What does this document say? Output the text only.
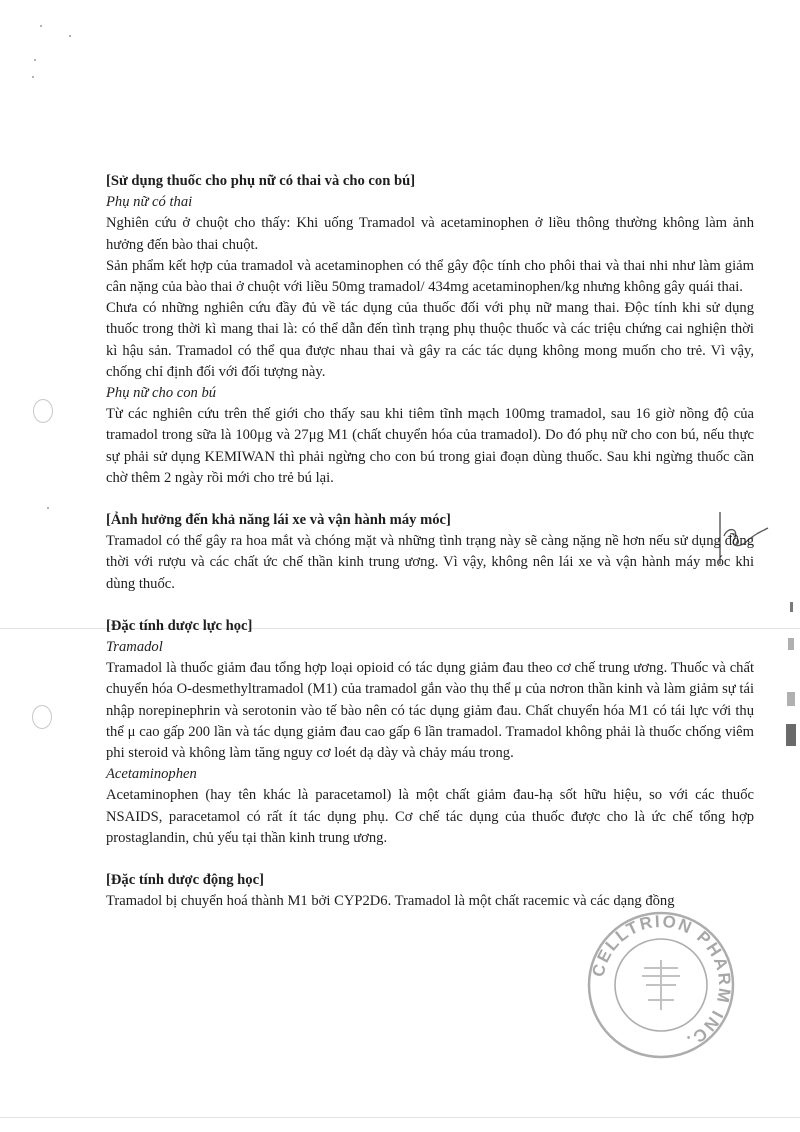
[Sử dụng thuốc cho phụ nữ có thai và cho con bú]

Phụ nữ có thai

Nghiên cứu ở chuột cho thấy: Khi uống Tramadol và acetaminophen ở liều thông thường không làm ảnh hưởng đến bào thai chuột.

Sản phẩm kết hợp của tramadol và acetaminophen có thể gây độc tính cho phôi thai và thai nhi như làm giảm cân nặng của bào thai ở chuột với liều 50mg tramadol/ 434mg acetaminophen/kg nhưng không gây quái thai.

Chưa có những nghiên cứu đầy đủ về tác dụng của thuốc đối với phụ nữ mang thai. Độc tính khi sử dụng thuốc trong thời kì mang thai là: có thể dẫn đến tình trạng phụ thuộc thuốc và các triệu chứng cai nghiện thời kì hậu sản. Tramadol có thể qua được nhau thai và gây ra các tác dụng không mong muốn cho trẻ. Vì vậy, chống chỉ định đối với đối tượng này.

Phụ nữ cho con bú

Từ các nghiên cứu trên thế giới cho thấy sau khi tiêm tĩnh mạch 100mg tramadol, sau 16 giờ nồng độ của tramadol trong sữa là 100μg và 27μg M1 (chất chuyển hóa của tramadol). Do đó phụ nữ cho con bú, nếu thực sự phải sử dụng KEMIWAN thì phải ngừng cho con bú trong giai đoạn dùng thuốc. Sau khi ngừng thuốc cần chờ thêm 2 ngày rồi mới cho trẻ bú lại.

[Ảnh hưởng đến khả năng lái xe và vận hành máy móc]

Tramadol có thể gây ra hoa mắt và chóng mặt và những tình trạng này sẽ càng nặng nề hơn nếu sử dụng đồng thời với rượu và các chất ức chế thần kinh trung ương. Vì vậy, không nên lái xe và vận hành máy móc khi dùng thuốc.

[Đặc tính dược lực học]

Tramadol

Tramadol là thuốc giảm đau tổng hợp loại opioid có tác dụng giảm đau theo cơ chế trung ương. Thuốc và chất chuyển hóa O-desmethyltramadol (M1) của tramadol gắn vào thụ thể μ của nơron thần kinh và làm giảm sự tái nhập norepinephrin và serotonin vào tế bào nên có tác dụng giảm đau. Chất chuyển hóa M1 có tái lực với thụ thể μ cao gấp 200 lần và tác dụng giảm đau cao gấp 6 lần tramadol. Tramadol không phải là thuốc chống viêm phi steroid và không làm tăng nguy cơ loét dạ dày và chảy máu trong.

Acetaminophen

Acetaminophen (hay tên khác là paracetamol) là một chất giảm đau-hạ sốt hữu hiệu, so với các thuốc NSAIDS, paracetamol có rất ít tác dụng phụ. Cơ chế tác dụng của thuốc được cho là ức chế tổng hợp prostaglandin, chủ yếu tại thần kinh trung ương.

[Đặc tính dược động học]

Tramadol bị chuyển hoá thành M1 bởi CYP2D6. Tramadol là một chất racemic và các dạng đồng

CELLTRION PHARM INC.
